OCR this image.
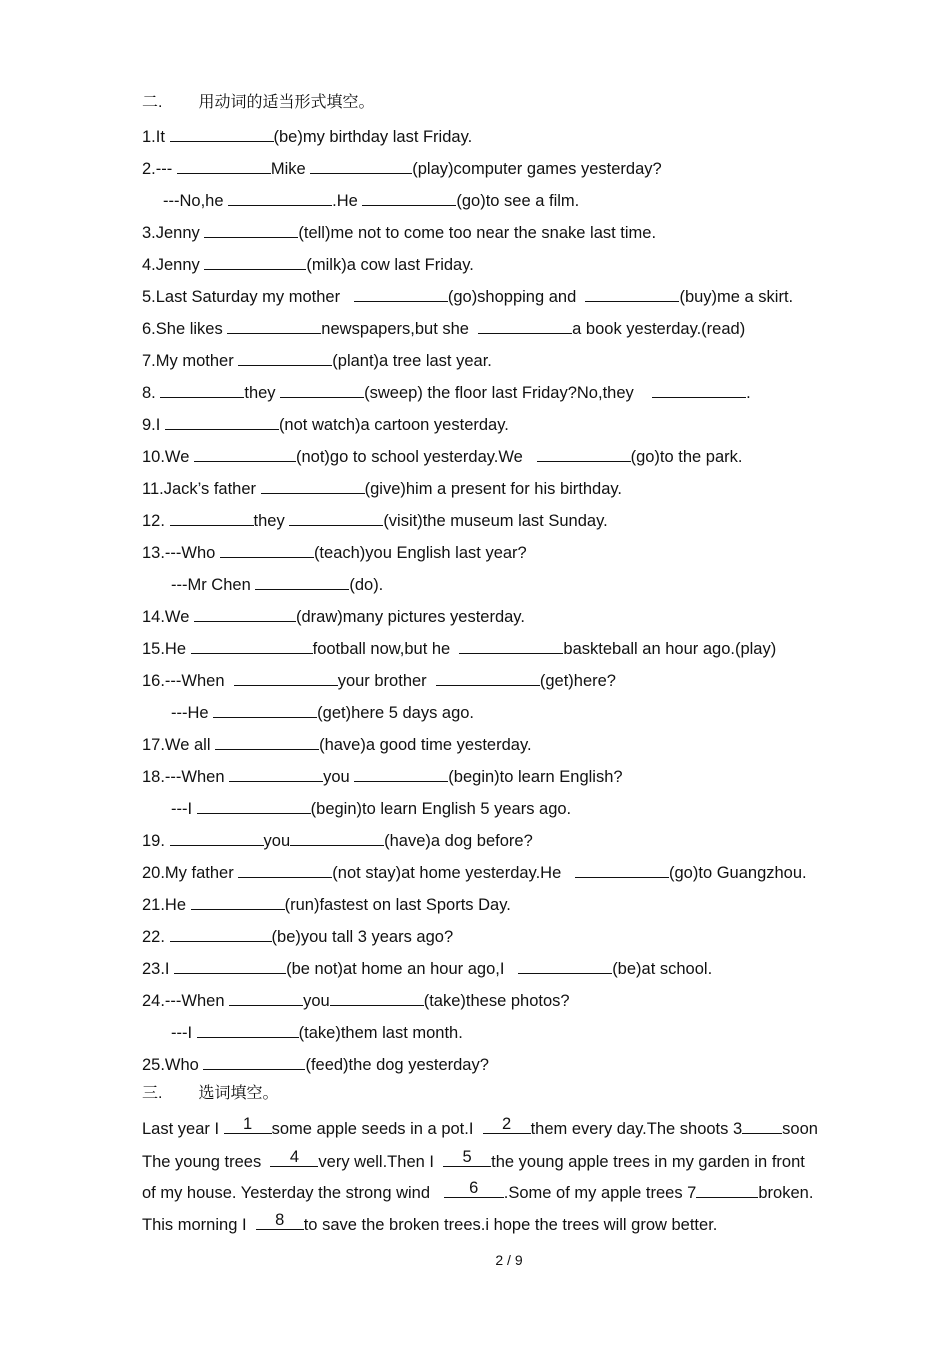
二. 用动词的适当形式填空。
1.It	(be)my birthday last Friday.
2.---	Mike	(play)computer games yesterday?
---No,he	.He	(go)to see a film.
3.Jenny	(tell)me not to come too near the snake last time.
4.Jenny	(milk)a cow last Friday.
5.Last Saturday my mother	(go)shopping and	(buy)me a skirt.
6.She likes	newspapers,but she	a book yesterday.(read)
7.My mother	(plant)a tree last year.
8.	they	(sweep) the floor last Friday?No,they	.
9.I	(not watch)a cartoon yesterday.
10.We	(not)go to school yesterday.We	(go)to the park.
11.Jack’s father	(give)him a present for his birthday.
12.	they	(visit)the museum last Sunday.
13.---Who	(teach)you English last year?
---Mr Chen	(do).
14.We	(draw)many pictures yesterday.
15.He	football now,but he	baskteball an hour ago.(play)
16.---When	your brother	(get)here?
---He	(get)here 5 days ago.
17.We all	(have)a good time yesterday.
18.---When	you	(begin)to learn English?
---I	(begin)to learn English 5 years ago.
19.	you	(have)a dog before?
20.My father	(not stay)at home yesterday.He	(go)to Guangzhou.
21.He	(run)fastest on last Sports Day.
22.	(be)you tall 3 years ago?
23.I	(be not)at home an hour ago,I	(be)at school.
24.---When	you	(take)these photos?
---I	(take)them last month.
25.Who	(feed)the dog yesterday?
三. 选词填空。
Last year I	1	some apple seeds in a pot.I	2	them every day.The shoots 3 soon
The young trees	4	very well.Then I	5	the young apple trees in my garden in front
of my house. Yesterday the strong wind	6	.Some of my apple trees 7	broken.
This morning I	8	to save the broken trees.i hope the trees will grow better.
2 / 9
